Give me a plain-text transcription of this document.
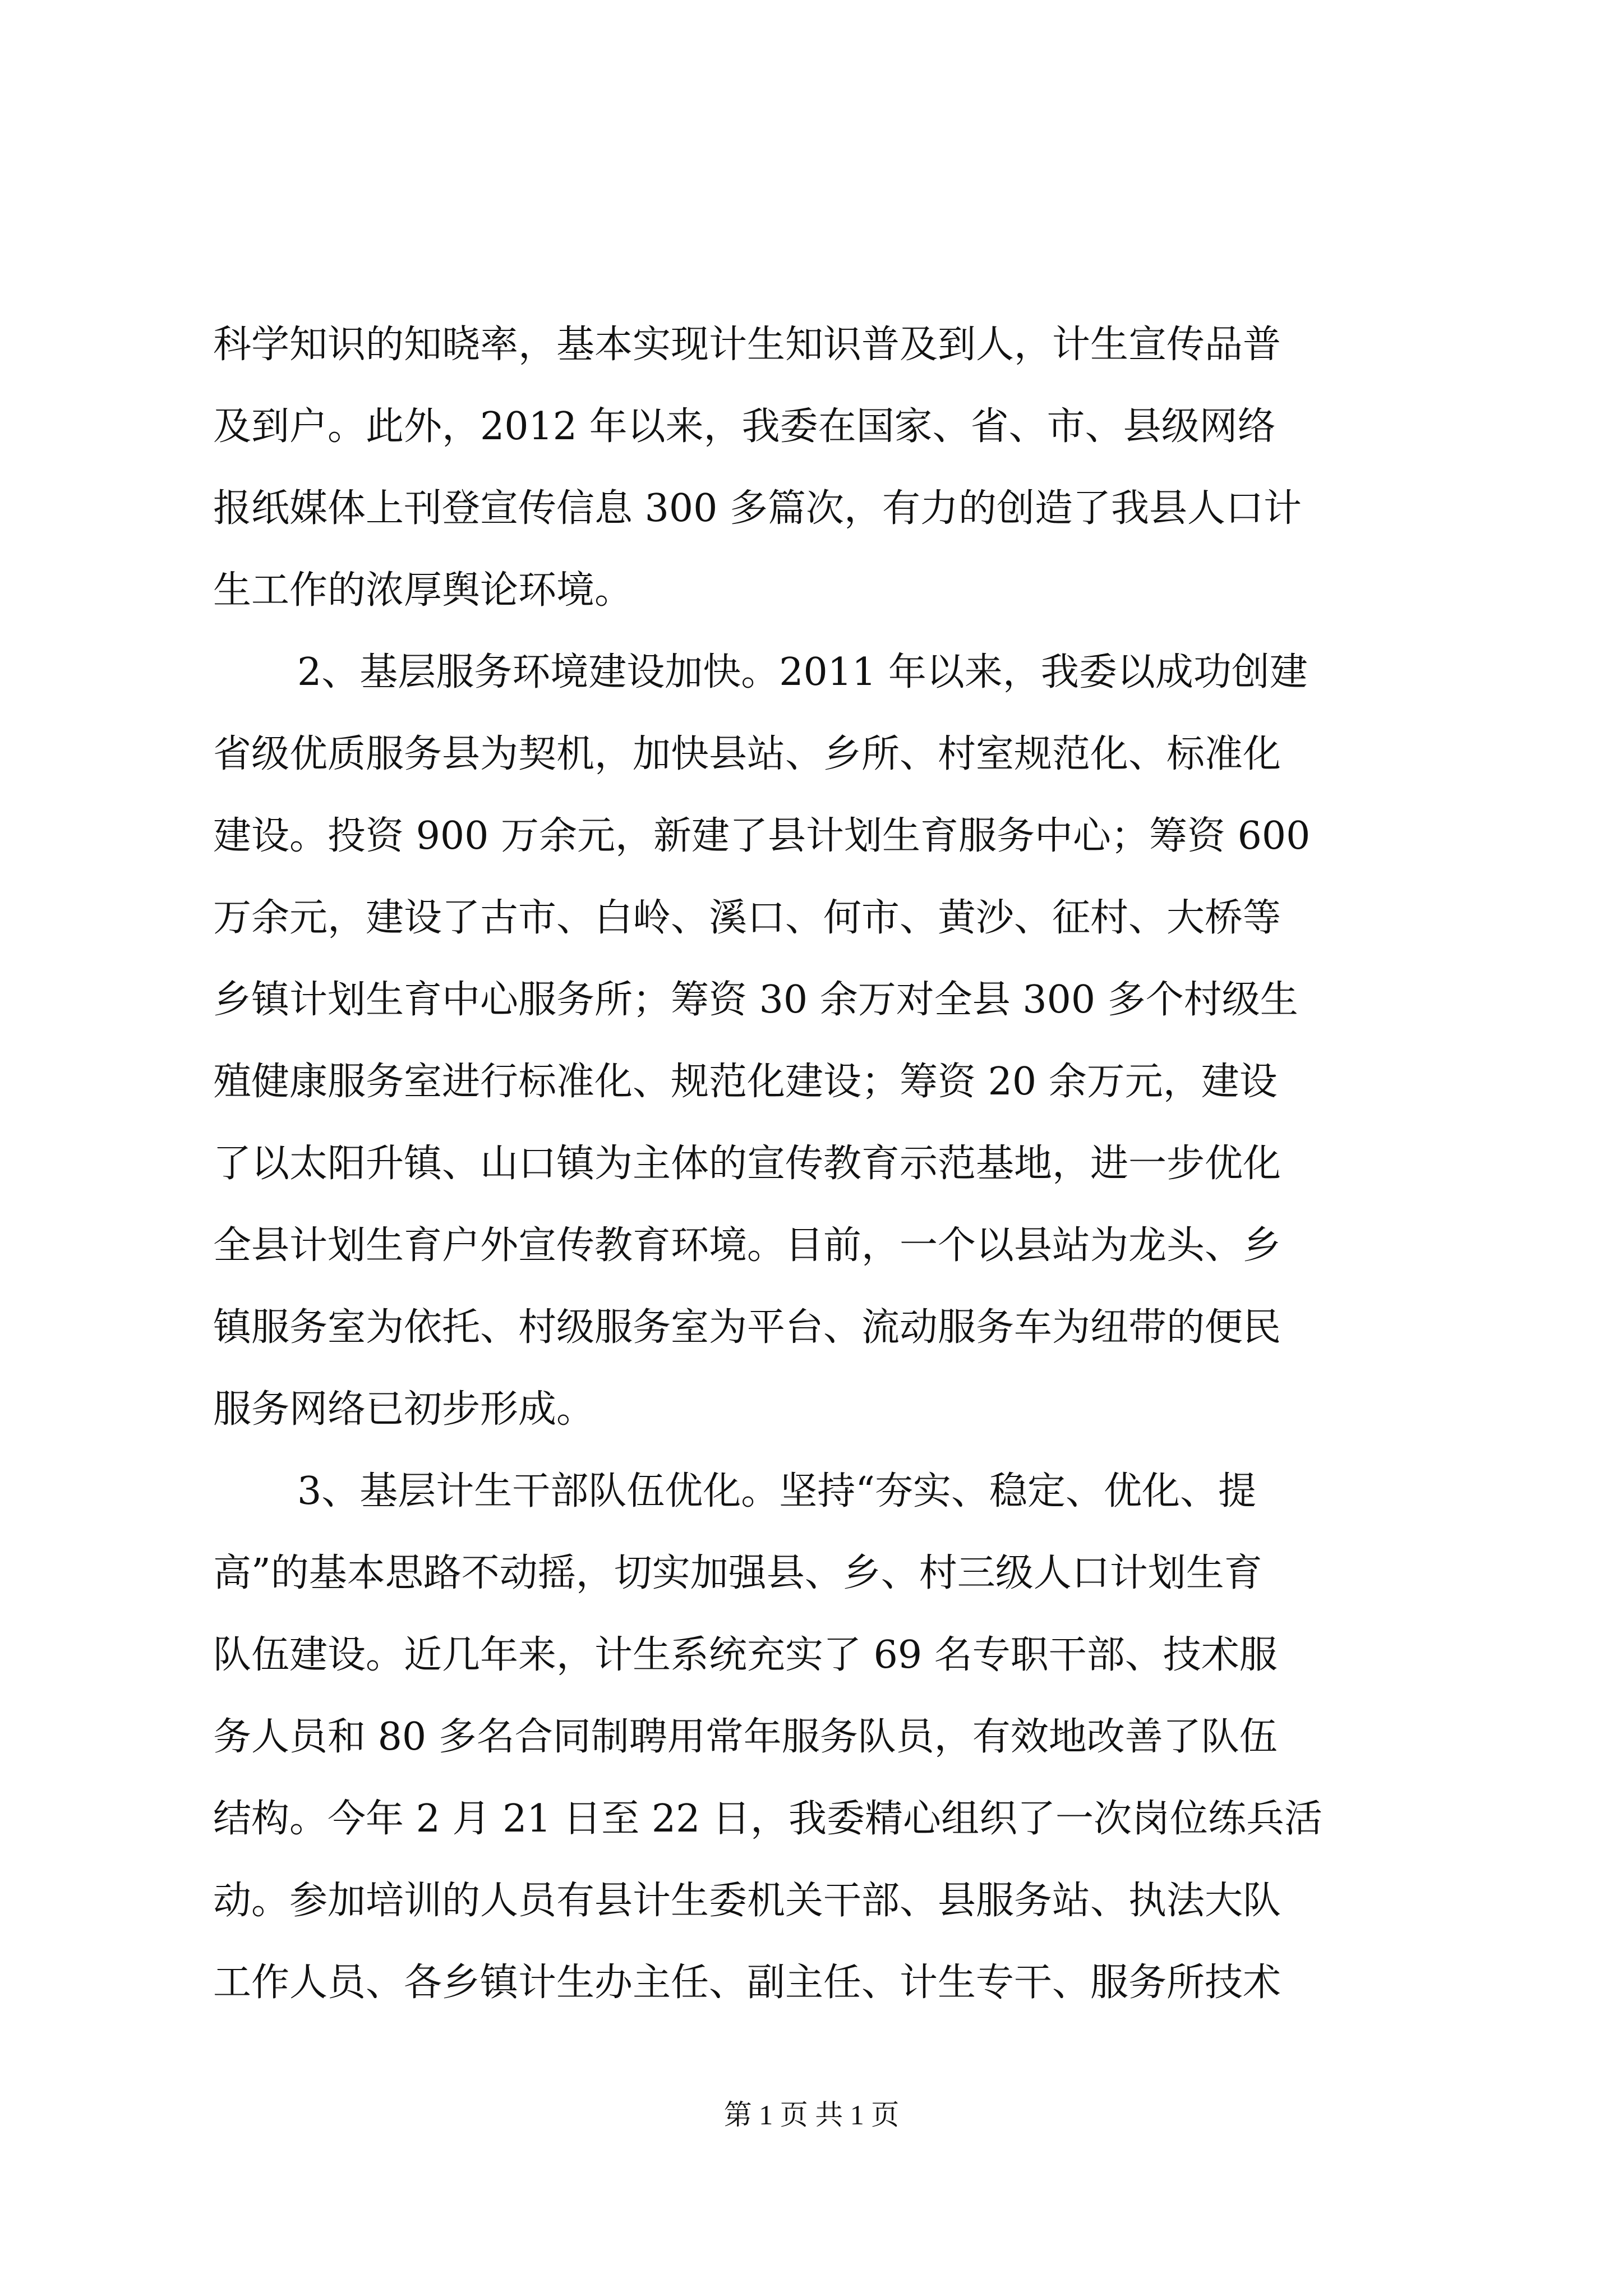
科学知识的知晓率，基本实现计生知识普及到人，计生宣传品普
及到户。此外，2012 年以来，我委在国家、省、市、县级网络
报纸媒体上刊登宣传信息 300 多篇次，有力的创造了我县人口计
生工作的浓厚舆论环境。
2、基层服务环境建设加快。2011 年以来，我委以成功创建
省级优质服务县为契机，加快县站、乡所、村室规范化、标准化
建设。投资 900 万余元，新建了县计划生育服务中心；筹资 600
万余元，建设了古市、白岭、溪口、何市、黄沙、征村、大桥等
乡镇计划生育中心服务所；筹资 30 余万对全县 300 多个村级生
殖健康服务室进行标准化、规范化建设；筹资 20 余万元，建设
了以太阳升镇、山口镇为主体的宣传教育示范基地，进一步优化
全县计划生育户外宣传教育环境。目前，一个以县站为龙头、乡
镇服务室为依托、村级服务室为平台、流动服务车为纽带的便民
服务网络已初步形成。
3、基层计生干部队伍优化。坚持“夯实、稳定、优化、提
高”的基本思路不动摇，切实加强县、乡、村三级人口计划生育
队伍建设。近几年来，计生系统充实了 69 名专职干部、技术服
务人员和 80 多名合同制聘用常年服务队员，有效地改善了队伍
结构。今年 2 月 21 日至 22 日，我委精心组织了一次岗位练兵活
动。参加培训的人员有县计生委机关干部、县服务站、执法大队
工作人员、各乡镇计生办主任、副主任、计生专干、服务所技术
第 1 页 共 1 页
